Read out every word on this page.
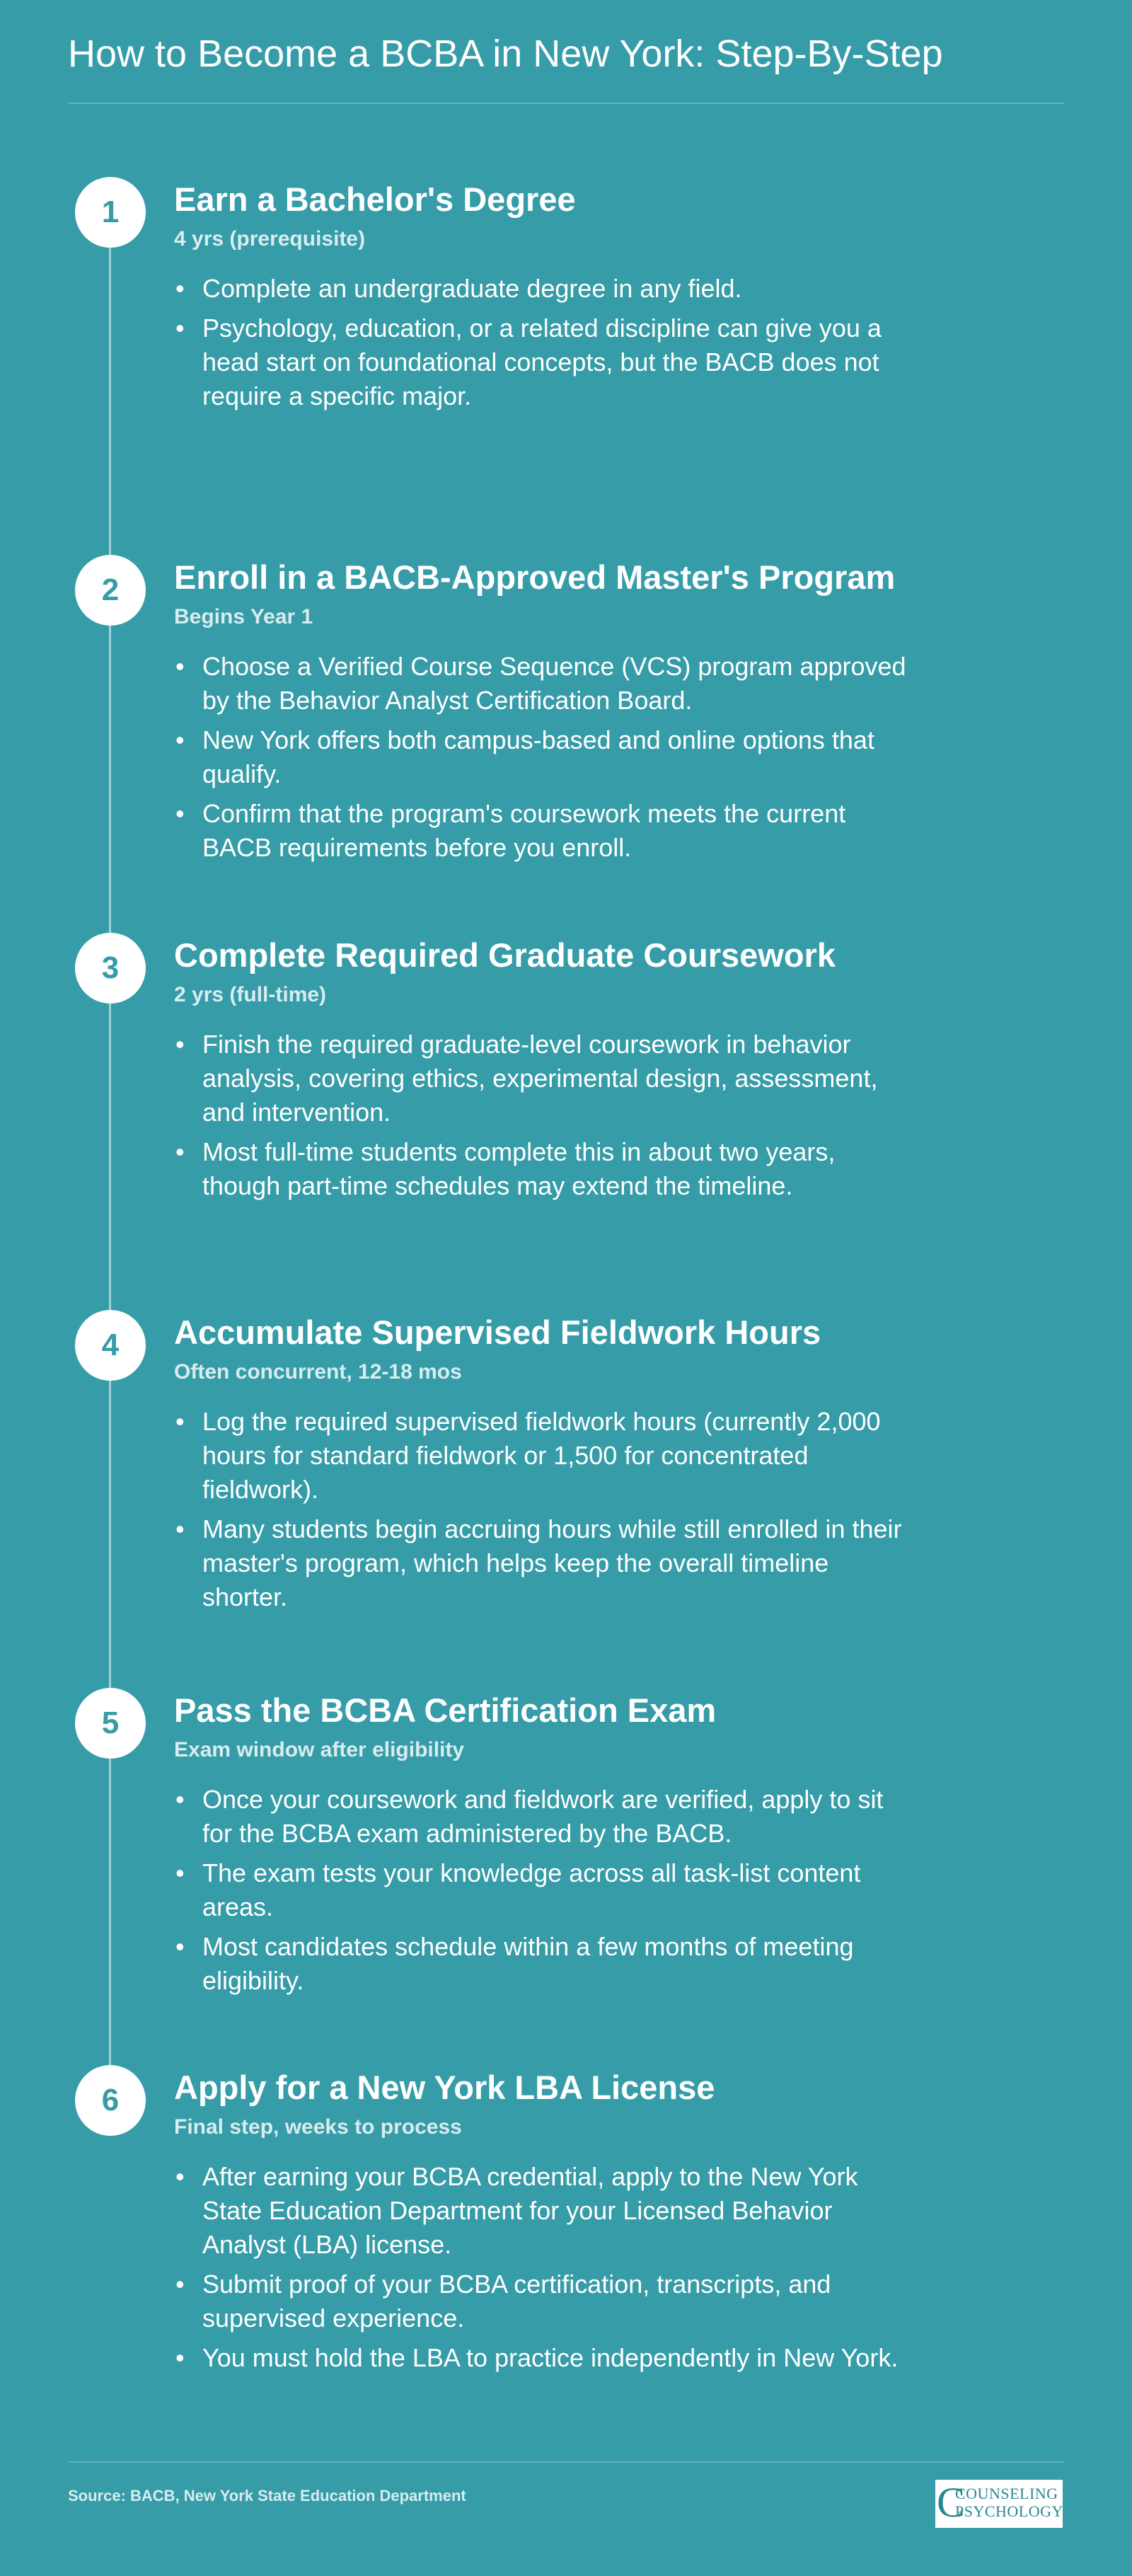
How to Become a BCBA in New York: Step-By-Step
1	Earn a Bachelor's Degree
4 yrs (prerequisite)
• Complete an undergraduate degree in any field.
• Psychology, education, or a related discipline can give you a head start on foundational concepts, but the BACB does not require a specific major.
2	Enroll in a BACB-Approved Master's Program
Begins Year 1
• Choose a Verified Course Sequence (VCS) program approved by the Behavior Analyst Certification Board.
• New York offers both campus-based and online options that qualify.
• Confirm that the program's coursework meets the current BACB requirements before you enroll.
3	Complete Required Graduate Coursework
2 yrs (full-time)
• Finish the required graduate-level coursework in behavior analysis, covering ethics, experimental design, assessment, and intervention.
• Most full-time students complete this in about two years, though part-time schedules may extend the timeline.
4	Accumulate Supervised Fieldwork Hours
Often concurrent, 12-18 mos
• Log the required supervised fieldwork hours (currently 2,000 hours for standard fieldwork or 1,500 for concentrated fieldwork).
• Many students begin accruing hours while still enrolled in their master's program, which helps keep the overall timeline shorter.
5	Pass the BCBA Certification Exam
Exam window after eligibility
• Once your coursework and fieldwork are verified, apply to sit for the BCBA exam administered by the BACB.
• The exam tests your knowledge across all task-list content areas.
• Most candidates schedule within a few months of meeting eligibility.
6	Apply for a New York LBA License
Final step, weeks to process
• After earning your BCBA credential, apply to the New York State Education Department for your Licensed Behavior Analyst (LBA) license.
• Submit proof of your BCBA certification, transcripts, and supervised experience.
• You must hold the LBA to practice independently in New York.
Source: BACB, New York State Education Department	C
COUNSELING
PSYCHOLOGY
